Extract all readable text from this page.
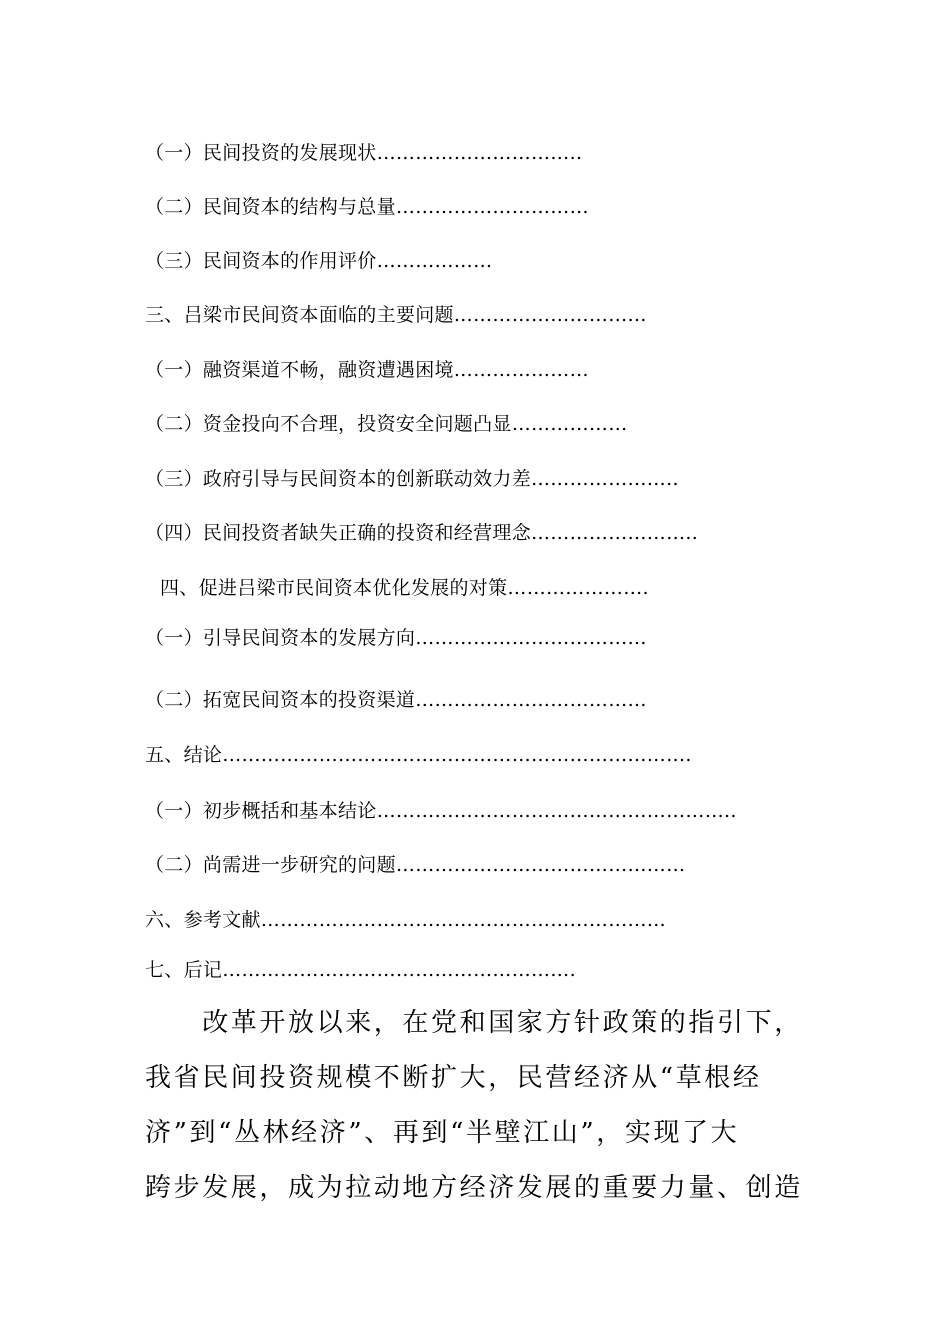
（一）民间投资的发展现状…………………………..
（二）民间资本的结构与总量…………………………
（三）民间资本的作用评价………………
三、吕梁市民间资本面临的主要问题…………………………
（一）融资渠道不畅，融资遭遇困境…………………
（二）资金投向不合理，投资安全问题凸显………………
（三）政府引导与民间资本的创新联动效力差…………………..
（四）民间投资者缺失正确的投资和经营理念……………………..
四、促进吕梁市民间资本优化发展的对策………………….
（一）引导民间资本的发展方向………………………………
（二）拓宽民间资本的投资渠道………………………………
五、结论……………………………………………………………….
（一）初步概括和基本结论………………………………………………..
（二）尚需进一步研究的问题………………………………………
六、参考文献………………………………………………………
七、后记……………………………………………….
　　改革开放以来，在党和国家方针政策的指引下，
我省民间投资规模不断扩大，民营经济从“草根经
济”到“丛林经济”、再到“半壁江山”，实现了大
跨步发展，成为拉动地方经济发展的重要力量、创造
